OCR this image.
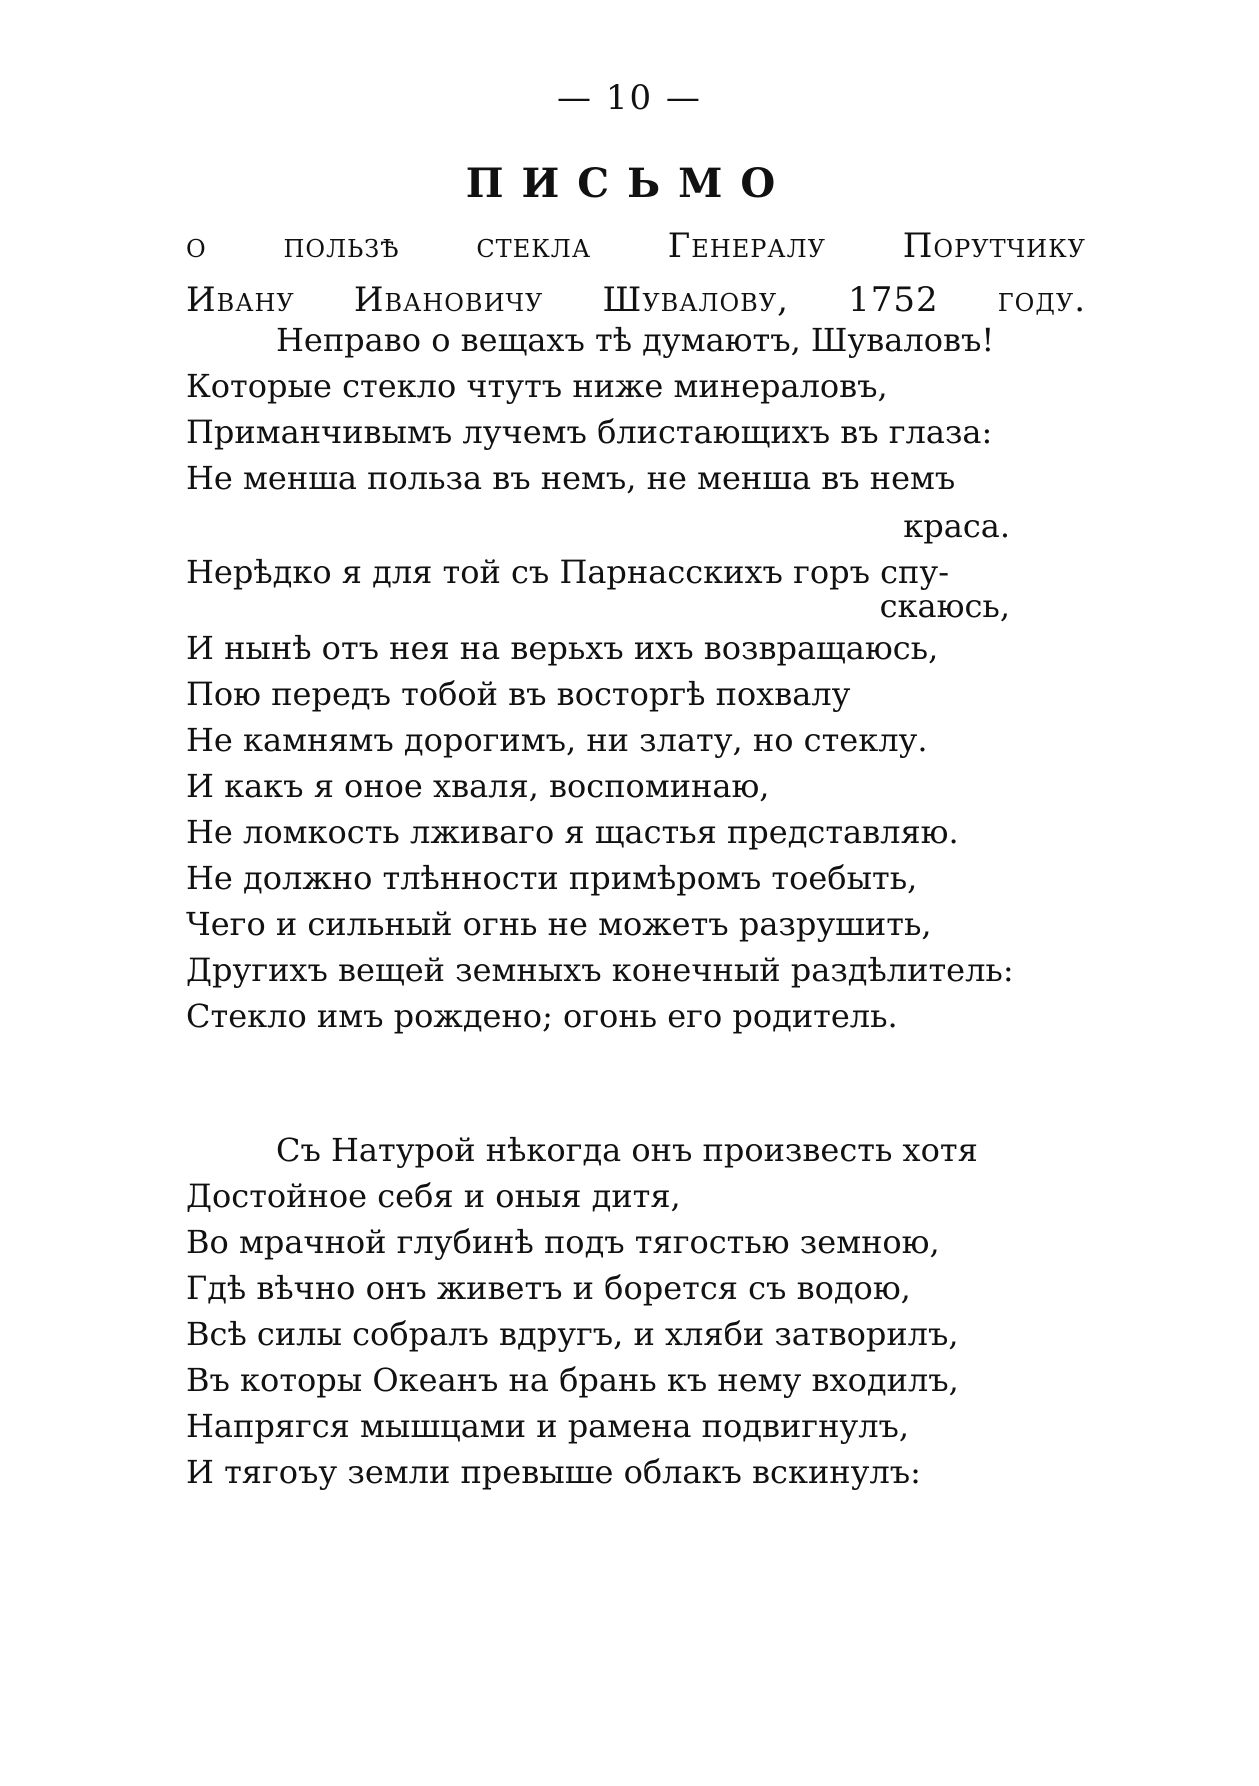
— 10 —
ПИСЬМО
о пользѣ стекла Генералу Порутчику
Ивану Ивановичу Шувалову, 1752 году.
Неправо о вещахъ тѣ думаютъ, Шуваловъ!
Которые стекло чтутъ ниже минераловъ,
Приманчивымъ лучемъ блистающихъ въ глаза:
Не менша польза въ немъ, не менша въ немъ
краса.
Нерѣдко я для той съ Парнасскихъ горъ спу-
скаюсь,
И нынѣ отъ нея на верьхъ ихъ возвращаюсь,
Пою передъ тобой въ восторгѣ похвалу
Не камнямъ дорогимъ, ни злату, но стеклу.
И какъ я оное хваля, воспоминаю,
Не ломкость лживаго я щастья представляю.
Не должно тлѣнности примѣромъ тоебыть,
Чего и сильный огнь не можетъ разрушить,
Другихъ вещей земныхъ конечный раздѣлитель:
Стекло имъ рождено; огонь его родитель.
Съ Натурой нѣкогда онъ произвесть хотя
Достойное себя и оныя дитя,
Во мрачной глубинѣ подъ тягостью земною,
Гдѣ вѣчно онъ живетъ и борется съ водою,
Всѣ силы собралъ вдругъ, и хляби затворилъ,
Въ которы Океанъ на брань къ нему входилъ,
Напрягся мышцами и рамена подвигнулъ,
И тягоъу земли превыше облакъ вскинулъ:
